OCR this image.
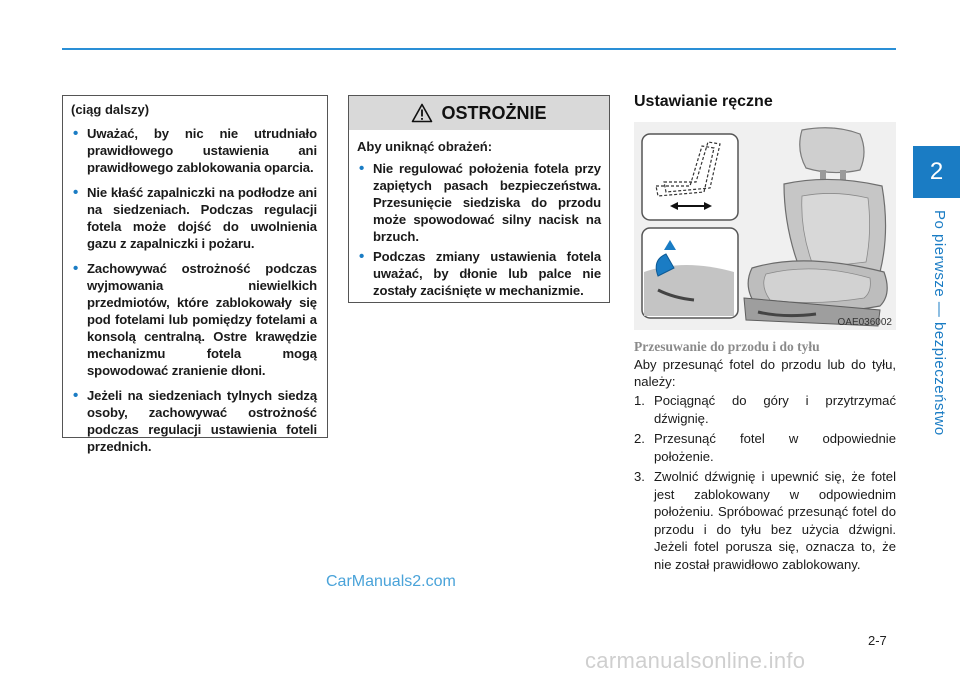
2
Po pierwsze — bezpieczeństwo
(ciąg dalszy)
• Uważać, by nic nie utrudniało prawidłowego ustawienia ani prawidłowego zablokowania oparcia.
• Nie kłaść zapalniczki na podłodze ani na siedzeniach. Podczas regulacji fotela może dojść do uwolnienia gazu z zapalniczki i pożaru.
• Zachowywać ostrożność podczas wyjmowania niewielkich przedmiotów, które zablokowały się pod fotelami lub pomiędzy fotelami a konsolą centralną. Ostre krawędzie mechanizmu fotela mogą spowodować zranienie dłoni.
• Jeżeli na siedzeniach tylnych siedzą osoby, zachowywać ostrożność podczas regulacji ustawienia foteli przednich.
OSTROŻNIE
Aby uniknąć obrażeń:
• Nie regulować położenia fotela przy zapiętych pasach bezpieczeństwa. Przesunięcie siedziska do przodu może spowodować silny nacisk na brzuch.
• Podczas zmiany ustawienia fotela uważać, by dłonie lub palce nie zostały zaciśnięte w mechanizmie.
Ustawianie ręczne
OAE036002
Przesuwanie do przodu i do tyłu
Aby przesunąć fotel do przodu lub do tyłu, należy:
1. Pociągnąć do góry i przytrzymać dźwignię.
2. Przesunąć fotel w odpowiednie położenie.
3. Zwolnić dźwignię i upewnić się, że fotel jest zablokowany w odpowiednim położeniu. Spróbować przesunąć fotel do przodu i do tyłu bez użycia dźwigni. Jeżeli fotel porusza się, oznacza to, że nie został prawidłowo zablokowany.
CarManuals2.com
2-7
carmanualsonline.info
